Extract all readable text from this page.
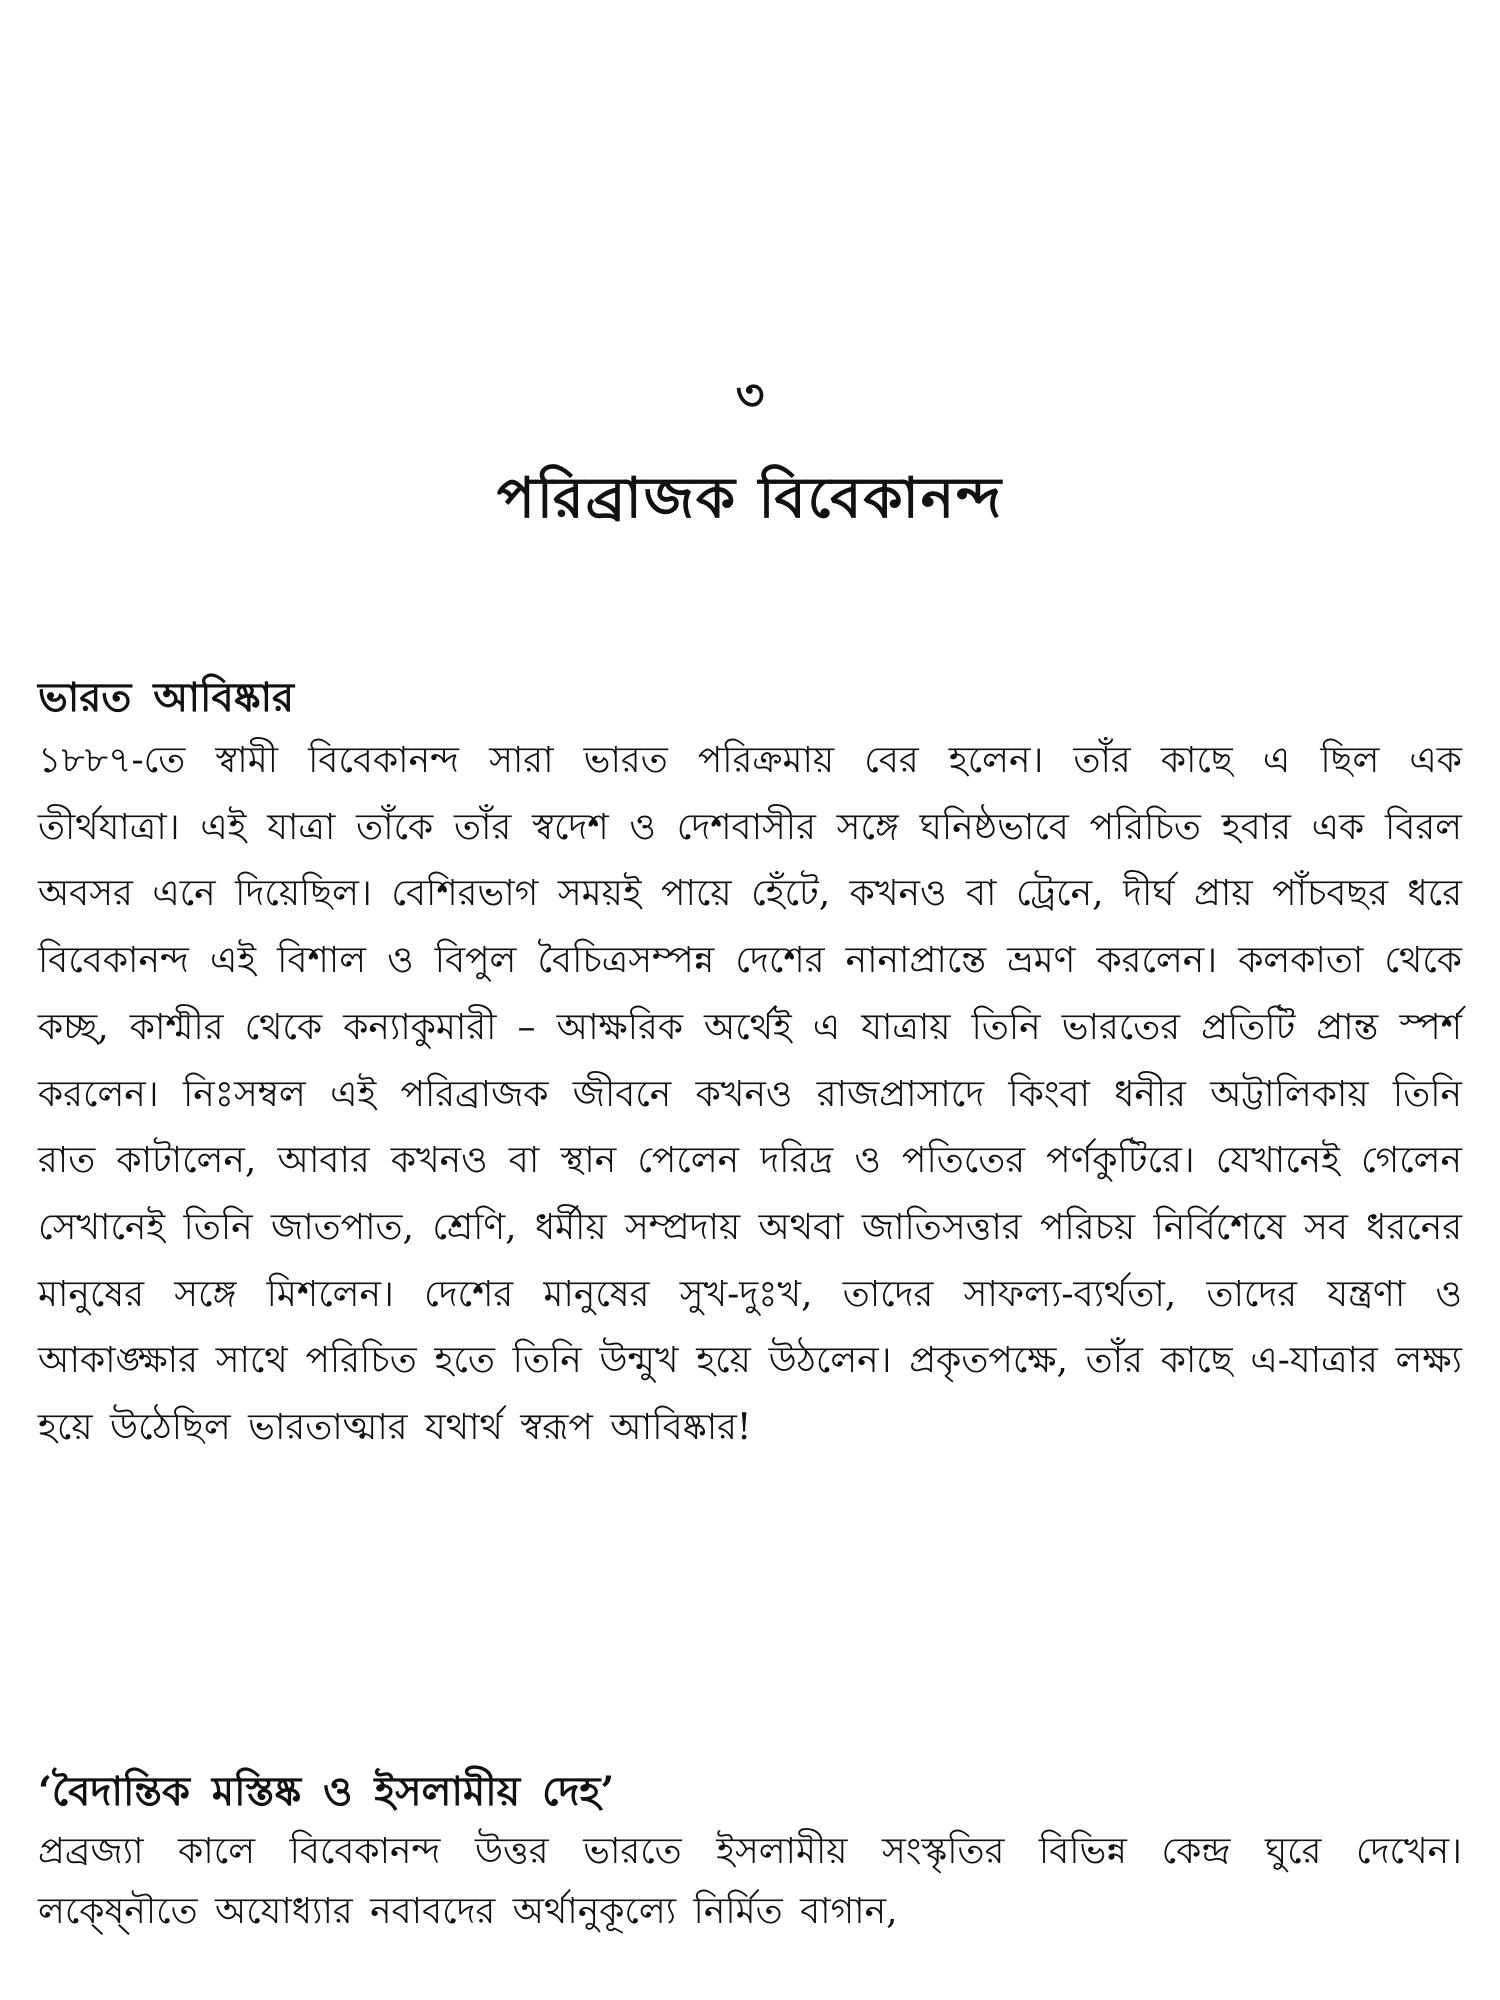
৩
পরিব্রাজক বিবেকানন্দ
ভারত আবিষ্কার

১৮৮৭-তে স্বামী বিবেকানন্দ সারা ভারত পরিক্রমায় বের হলেন। তাঁর কাছে এ ছিল এক তীর্থযাত্রা। এই যাত্রা তাঁকে তাঁর স্বদেশ ও দেশবাসীর সঙ্গে ঘনিষ্ঠভাবে পরিচিত হবার এক বিরল অবসর এনে দিয়েছিল। বেশিরভাগ সময়ই পায়ে হেঁটে, কখনও বা ট্রেনে, দীর্ঘ প্রায় পাঁচবছর ধরে বিবেকানন্দ এই বিশাল ও বিপুল বৈচিত্রসম্পন্ন দেশের নানাপ্রান্তে ভ্রমণ করলেন। কলকাতা থেকে কচ্ছ, কাশ্মীর থেকে কন্যাকুমারী – আক্ষরিক অর্থেই এ যাত্রায় তিনি ভারতের প্রতিটি প্রান্ত স্পর্শ করলেন। নিঃসম্বল এই পরিব্রাজক জীবনে কখনও রাজপ্রাসাদে কিংবা ধনীর অট্টালিকায় তিনি রাত কাটালেন, আবার কখনও বা স্থান পেলেন দরিদ্র ও পতিতের পর্ণকুটিরে। যেখানেই গেলেন সেখানেই তিনি জাতপাত, শ্রেণি, ধর্মীয় সম্প্রদায় অথবা জাতিসত্তার পরিচয় নির্বিশেষে সব ধরনের মানুষের সঙ্গে মিশলেন। দেশের মানুষের সুখ-দুঃখ, তাদের সাফল্য-ব্যর্থতা, তাদের যন্ত্রণা ও আকাঙ্ক্ষার সাথে পরিচিত হতে তিনি উন্মুখ হয়ে উঠলেন। প্রকৃতপক্ষে, তাঁর কাছে এ-যাত্রার লক্ষ্য হয়ে উঠেছিল ভারতাত্মার যথার্থ স্বরূপ আবিষ্কার!

‘বৈদান্তিক মস্তিষ্ক ও ইসলামীয় দেহ’

প্রব্রজ্যা কালে বিবেকানন্দ উত্তর ভারতে ইসলামীয় সংস্কৃতির বিভিন্ন কেন্দ্র ঘুরে দেখেন। লক্ষ্নৌতে অযোধ্যার নবাবদের অর্থানুকূল্যে নির্মিত বাগান,
